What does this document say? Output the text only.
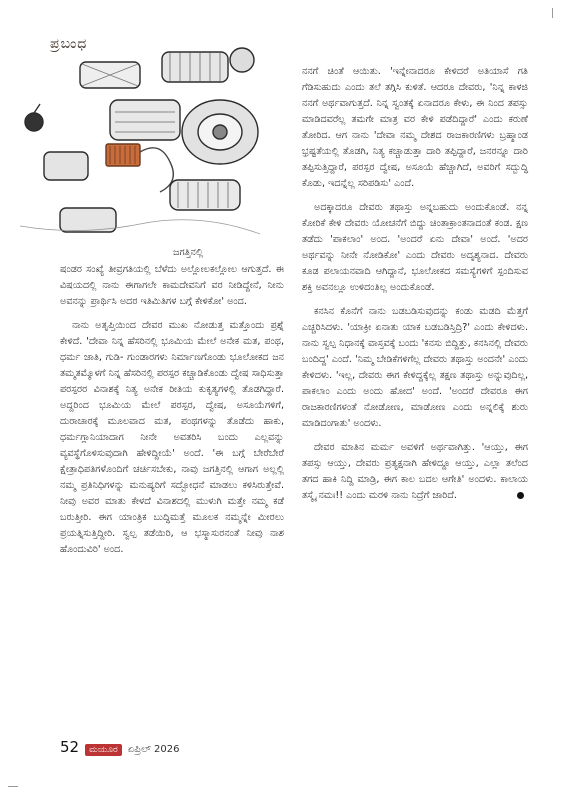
ಪ್ರಬಂಧ
ಜಗತ್ತಿನಲ್ಲಿ

ಷಂಡರ ಸಂಖ್ಯೆ ತೀವ್ರಗತಿಯಲ್ಲಿ ಬೆಳೆದು ಅಲ್ಲೋಲಕಲ್ಲೋಲ ಆಗುತ್ತದೆ. ಈ ವಿಷಯದಲ್ಲಿ ನಾನು ಈಗಾಗಲೇ ಕಾಮದೇವನಿಗೆ ವರ ನೀಡಿದ್ದೇನೆ, ನೀನು ಅವನನ್ನು ಪ್ರಾರ್ಥಿಸಿ ಅದರ ಇತಿಮಿತಿಗಳ ಬಗ್ಗೆ ಕೇಳಿಕೋ' ಅಂದ.

ನಾನು ಅತೃಪ್ತಿಯಿಂದ ದೇವರ ಮುಖ ನೋಡುತ್ತ ಮತ್ತೊಂದು ಪ್ರಶ್ನೆ ಕೇಳಿದೆ. 'ದೇವಾ ನಿನ್ನ ಹೆಸರಿನಲ್ಲಿ ಭೂಮಿಯ ಮೇಲೆ ಅನೇಕ ಮತ, ಪಂಥ, ಧರ್ಮ ಜಾತಿ, ಗುಡಿ- ಗುಂಡಾರಗಳು ನಿರ್ಮಾಣಗೊಂಡು ಭೂಲೋಕದ ಜನ ತಮ್ಮತಮ್ಮೊಳಗೆ ನಿನ್ನ ಹೆಸರಿನಲ್ಲಿ ಪರಸ್ಪರ ಕಚ್ಚಾಡಿಕೊಂಡು ದ್ವೇಷ ಸಾಧಿಸುತ್ತಾ ಪರಸ್ಪರರ ವಿನಾಶಕ್ಕೆ ನಿತ್ಯ ಅನೇಕ ರೀತಿಯ ಕುಕೃತ್ಯಗಳಲ್ಲಿ ತೊಡಗಿದ್ದಾರೆ. ಅದ್ದರಿಂದ ಭೂಮಿಯ ಮೇಲೆ ಪರಸ್ಪರ, ದ್ವೇಷ, ಅಸೂಯೆಗಳಿಗೆ, ದುರಾಚಾರಕ್ಕೆ ಮೂಲವಾದ ಮತ, ಪಂಥಗಳನ್ನು ತೊಡೆದು ಹಾಕು, ಧರ್ಮಗ್ಲಾನಿಯಾದಾಗ ನೀನೇ ಅವತರಿಸಿ ಬಂದು ಎಲ್ಲವನ್ನು ವ್ಯವಸ್ಥೆಗೊಳಿಸುವುದಾಗಿ ಹೇಳಿದ್ದೀಯೆ' ಅಂದೆ. 'ಈ ಬಗ್ಗೆ ಬೇರೆಬೇರೆ ಕ್ಷೇತ್ರಾಧಿಪತಿಗಳೊಂದಿಗೆ ಚರ್ಚಿಸಬೇಕು, ನಾವು ಜಗತ್ತಿನಲ್ಲಿ ಆಗಾಗ ಅಲ್ಲಲ್ಲಿ ನಮ್ಮ ಪ್ರತಿನಿಧಿಗಳನ್ನು ಮನುಷ್ಯರಿಗೆ ಸದ್ಬೋಧನೆ ಮಾಡಲು ಕಳಿಸಿರುತ್ತೇವೆ. ನೀವು ಅವರ ಮಾತು ಕೇಳದೆ ವಿನಾಶದಲ್ಲಿ ಮುಳುಗಿ ಮತ್ತೇ ನಮ್ಮ ಕಡೆ ಬರುತ್ತೀರಿ. ಈಗ ಯಾಂತ್ರಿಕ ಬುದ್ಧಿಮತ್ತೆ ಮೂಲಕ ನಮ್ಮನ್ನೇ ಮೀರಲು ಪ್ರಯತ್ನಿಸುತ್ತಿದ್ದೀರಿ. ಸ್ವಲ್ಪ ತಡೆಯಿರಿ, ಆ ಭಸ್ಮಾಸುರನಂತೆ ನೀವು ನಾಶ ಹೊಂದುವಿರಿ' ಅಂದ.

ನನಗೆ ಚಿಂತೆ ಆಯಿತು. 'ಇನ್ನೇನಾದರೂ ಕೇಳಿದರೆ ಅತಿಯಾಸೆ ಗತಿ ಗೆಡಿಸುಹುದು ಎಂದು ತಲೆ ತಗ್ಗಿಸಿ ಕುಳಿತೆ. ಆದರೂ ದೇವರು, 'ನಿನ್ನ ಕಾಳಜಿ ನನಗೆ ಅರ್ಥವಾಗುತ್ತದೆ. ನಿನ್ನ ಸ್ವಂತಕ್ಕೆ ಏನಾದರೂ ಕೇಳು, ಈ ನಿಂದ ತಪಸ್ಸು ಮಾಡಿದವರೆಲ್ಲ ತಮಗೇ ಮಾತ್ರ ವರ ಕೇಳಿ ಪಡೆದಿದ್ದಾರೆ' ಎಂದು ಕರುಣೆ ತೋರಿದ. ಆಗ ನಾನು 'ದೇವಾ ನಮ್ಮ ದೇಶದ ರಾಜಕಾರಣಿಗಳು ಬ್ರಹ್ಮಾಂಡ ಭ್ರಷ್ಟತೆಯಲ್ಲಿ ತೊಡಗಿ, ನಿತ್ಯ ಕಚ್ಚಾಡುತ್ತಾ ದಾರಿ ತಪ್ಪಿದ್ದಾರೆ, ಜನರನ್ನೂ ದಾರಿ ತಪ್ಪಿಸುತ್ತಿದ್ದಾರೆ, ಪರಸ್ಪರ ದ್ವೇಷ, ಅಸೂಯೆ ಹೆಚ್ಚಾಗಿದೆ, ಅವರಿಗೆ ಸದ್ಬುದ್ಧಿ ಕೊಡು, ಇದನ್ನೆಲ್ಲ ಸರಿಪಡಿಸು' ಎಂದೆ.

ಅದಕ್ಕಾದರೂ ದೇವರು ತಥಾಸ್ತು ಅನ್ನಬಹುದು ಅಂದುಕೊಂಡೆ. ನನ್ನ ಕೋರಿಕೆ ಕೇಳಿ ದೇವರು ಯೋಚನೆಗೆ ಬಿದ್ದು ಚಿಂತಾಕ್ರಾಂತನಾದಂತೆ ಕಂಡ. ಕ್ಷಣ ತಡೆದು 'ಪಾಕಲಾಂ' ಅಂದ. 'ಅಂದರೆ ಏನು ದೇವಾ' ಅಂದೆ. 'ಅದರ ಅರ್ಥವನ್ನು ನೀನೇ ನೋಡಿಕೋ' ಎಂದು ದೇವರು ಅದೃಶ್ಯನಾದ. ದೇವರು ಕೂಡ ಪಲಾಯನವಾದಿ ಆಗಿದ್ದಾನೆ, ಭೂಲೋಕದ ಸಮಸ್ಯೆಗಳಿಗೆ ಸ್ಪಂದಿಸುವ ಶಕ್ತಿ ಅವನಲ್ಲೂ ಉಳಿದಂತಿಲ್ಲ ಅಂದುಕೊಂಡೆ.

ಕನಸಿನ ಕೊನೆಗೆ ನಾನು ಬಡಬಡಿಸುವುದನ್ನು ಕಂಡು ಮಡದಿ ಮೆತ್ತಗೆ ಎಚ್ಚರಿಸಿದಳು. 'ಯಾಕ್ರೀ ಏನಾತು ಯಾಕ ಬಡಬಡಿಸ್ತಿದ್ರಿ?' ಎಂದು ಕೇಳಿದಳು. ನಾನು ಸ್ವಲ್ಪ ನಿಧಾನಕ್ಕೆ ವಾಸ್ತವಕ್ಕೆ ಬಂದು 'ಕನಸು ಬಿದ್ದಿತ್ತು, ಕನಸಿನಲ್ಲಿ ದೇವರು ಬಂದಿದ್ದ' ಎಂದೆ. 'ನಿಮ್ಮ ಬೇಡಿಕೆಗಳಿಗೆಲ್ಲ ದೇವರು ತಥಾಸ್ತು ಅಂದನೇ' ಎಂದು ಕೇಳಿದಳು. 'ಇಲ್ಲ, ದೇವರು ಈಗ ಕೇಳಿದ್ದಕ್ಕೆಲ್ಲ ತಕ್ಷಣ ತಥಾಸ್ತು ಅನ್ನುವುದಿಲ್ಲ, ಪಾಕಲಾಂ ಎಂದು ಅಂದು ಹೋದ' ಅಂದೆ. 'ಅಂದರೆ ದೇವರೂ ಈಗ ರಾಜಕಾರಣಿಗಳಂತೆ ನೋಡೋಣ, ಮಾಡೋಣ ಎಂದು ಅನ್ನಲಿಕ್ಕೆ ಶುರು ಮಾಡಿದಂಗಾತು' ಅಂದಳು.

ದೇವರ ಮಾತಿನ ಮರ್ಮ ಅವಳಿಗೆ ಅರ್ಥವಾಗಿತ್ತು. 'ಆಯ್ತು, ಈಗ ತಪಸ್ಸು ಆಯ್ತು, ದೇವರು ಪ್ರತ್ಯಕ್ಷನಾಗಿ ಹೇಳಿದ್ದೂ ಆಯ್ತು, ಎಲ್ಲಾ ತಲೆಂದ ತಗದ ಹಾಕಿ ನಿದ್ದಿ ಮಾಡ್ರಿ, ಈಗ ಕಾಲ ಬದಲ ಆಗೇತಿ' ಅಂದಳು. ಕಾಲಾಯ ತಸ್ಮೈ ನಮಃ!! ಎಂದು ಮರಳಿ ನಾನು ನಿದ್ರೆಗೆ ಜಾರಿದೆ.

52	ಮಯೂರ	ಏಪ್ರಿಲ್ 2026
